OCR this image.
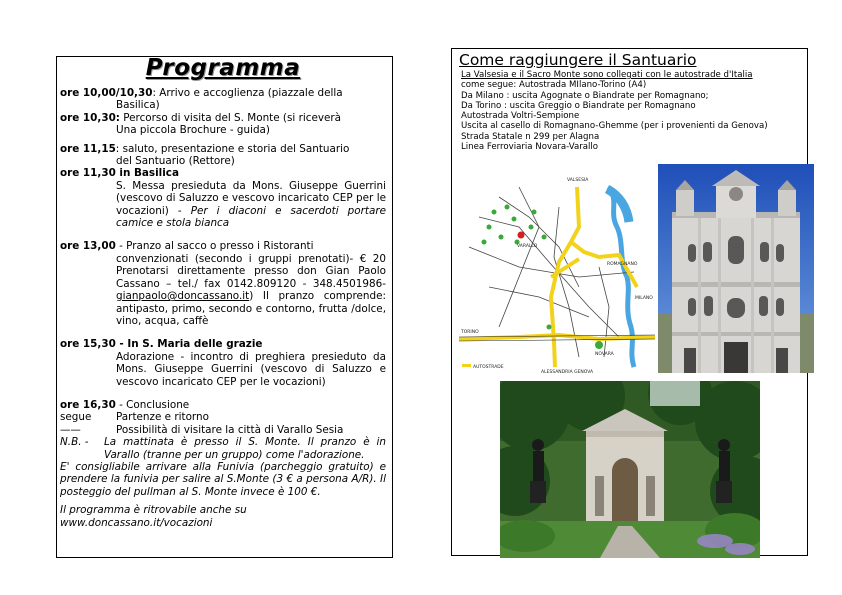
Programma
ore 10,00/10,30: Arrivo e accoglienza (piazzale della
Basilica)
ore 10,30: Percorso di visita del S. Monte (si riceverà
Una piccola Brochure - guida)
ore 11,15: saluto, presentazione e storia del Santuario
del Santuario (Rettore)
ore 11,30 in Basilica
S. Messa presieduta da Mons. Giuseppe Guerrini (vescovo di Saluzzo e vescovo incaricato CEP per le vocazioni) - Per i diaconi e sacerdoti portare camice e stola bianca
ore 13,00 - Pranzo al sacco o presso i Ristoranti
convenzionati (secondo i gruppi prenotati)- € 20 Prenotarsi direttamente presso don Gian Paolo Cassano – tel./ fax 0142.809120 - 348.4501986- gianpaolo@doncassano.it) Il pranzo comprende: antipasto, primo, secondo e contorno, frutta /dolce, vino, acqua, caffè
ore 15,30 - In S. Maria delle grazie
Adorazione - incontro di preghiera presieduto da Mons. Giuseppe Guerrini (vescovo di Saluzzo e vescovo incaricato CEP per le vocazioni)
ore 16,30 - Conclusione
segue	Partenze e ritorno
——	Possibilità di visitare la città di Varallo Sesia
N.B. -	La mattinata è presso il S. Monte. Il pranzo è in Varallo (tranne per un gruppo) come l'adorazione.
E' consigliabile arrivare alla Funivia (parcheggio gratuito) e prendere la funivia per salire al S.Monte (3 € a persona A/R). Il posteggio del pullman al S. Monte invece è 100 €.
Il programma è ritrovabile anche su
www.doncassano.it/vocazioni
Come raggiungere il Santuario
La Valsesia e il Sacro Monte sono collegati con le autostrade d'Italia
come segue: Autostrada MIlano-Torino (A4)
Da Milano : uscita Agognate o Biandrate per Romagnano;
Da Torino : uscita Greggio o Biandrate per Romagnano
Autostrada Voltri-Sempione
Uscita al casello di Romagnano-Ghemme (per i provenienti da Genova)
Strada Statale n 299 per Alagna
Linea Ferroviaria Novara-Varallo
VARALLO
VALSESIA
ROMAGNANO
MILANO
TORINO
NOVARA
ALESSANDRIA GENOVA
AUTOSTRADE
